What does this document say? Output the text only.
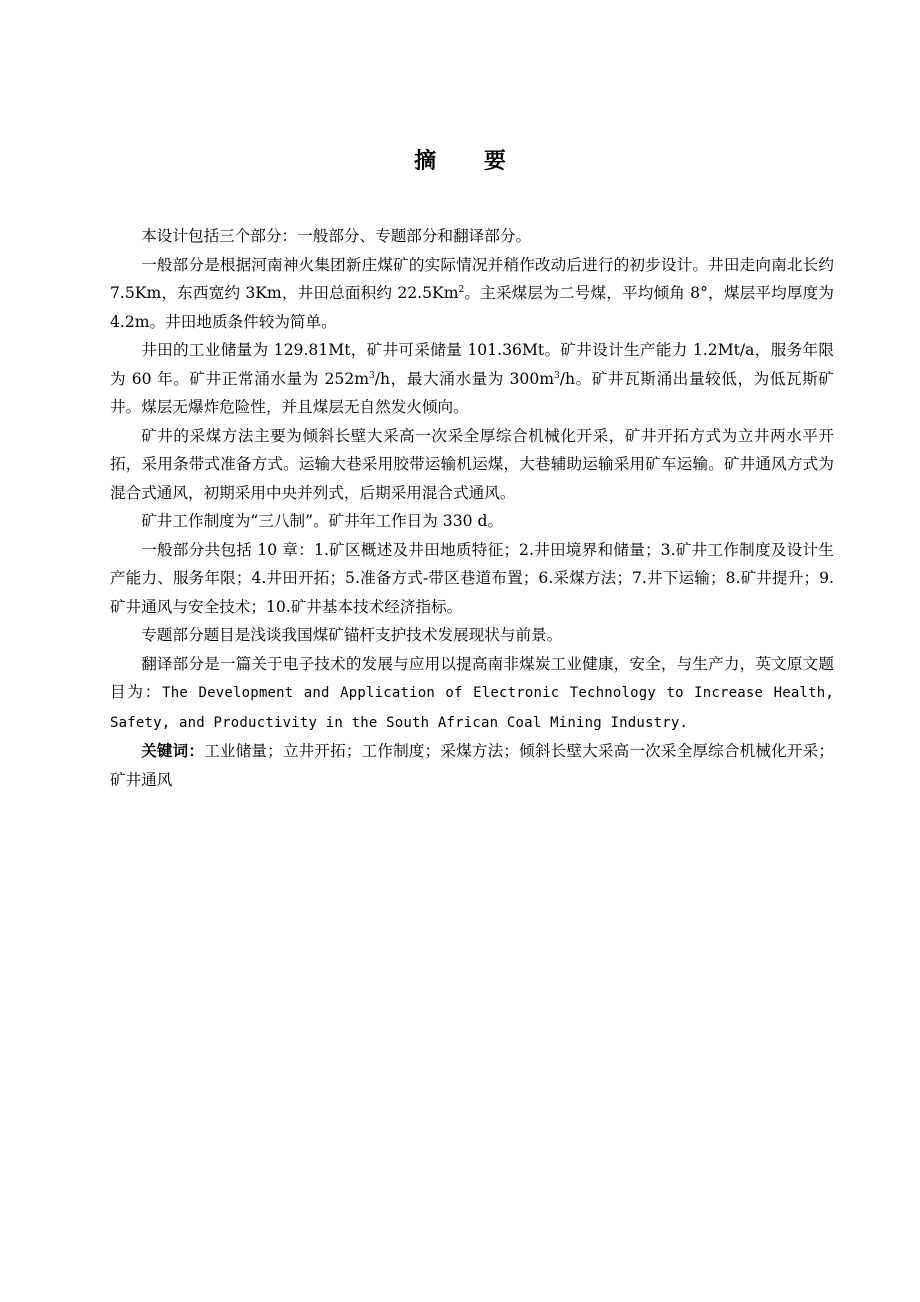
摘 要

本设计包括三个部分：一般部分、专题部分和翻译部分。

一般部分是根据河南神火集团新庄煤矿的实际情况并稍作改动后进行的初步设计。井田走向南北长约 7.5Km，东西宽约 3Km，井田总面积约 22.5Km$^2$。主采煤层为二号煤，平均倾角 8°，煤层平均厚度为 4.2m。井田地质条件较为简单。

井田的工业储量为 129.81Mt，矿井可采储量 101.36Mt。矿井设计生产能力 1.2Mt/a，服务年限为 60 年。矿井正常涌水量为 $252m^3/h$，最大涌水量为 $300m^3/h$。矿井瓦斯涌出量较低，为低瓦斯矿井。煤层无爆炸危险性，并且煤层无自然发火倾向。

矿井的采煤方法主要为倾斜长壁大采高一次采全厚综合机械化开采，矿井开拓方式为立井两水平开拓，采用条带式准备方式。运输大巷采用胶带运输机运煤，大巷辅助运输采用矿车运输。矿井通风方式为混合式通风，初期采用中央并列式，后期采用混合式通风。

矿井工作制度为“三八制”。矿井年工作日为 330 d。

一般部分共包括 10 章：1.矿区概述及井田地质特征；2.井田境界和储量；3.矿井工作制度及设计生产能力、服务年限；4.井田开拓；5.准备方式-带区巷道布置；6.采煤方法；7.井下运输；8.矿井提升；9.矿井通风与安全技术；10.矿井基本技术经济指标。

专题部分题目是浅谈我国煤矿锚杆支护技术发展现状与前景。

翻译部分是一篇关于电子技术的发展与应用以提高南非煤炭工业健康，安全，与生产力，英文原文题目为：The Development and Application of Electronic Technology to Increase Health, Safety, and Productivity in the South African Coal Mining Industry.

关键词：工业储量；立井开拓；工作制度；采煤方法；倾斜长壁大采高一次采全厚综合机械化开采；矿井通风
